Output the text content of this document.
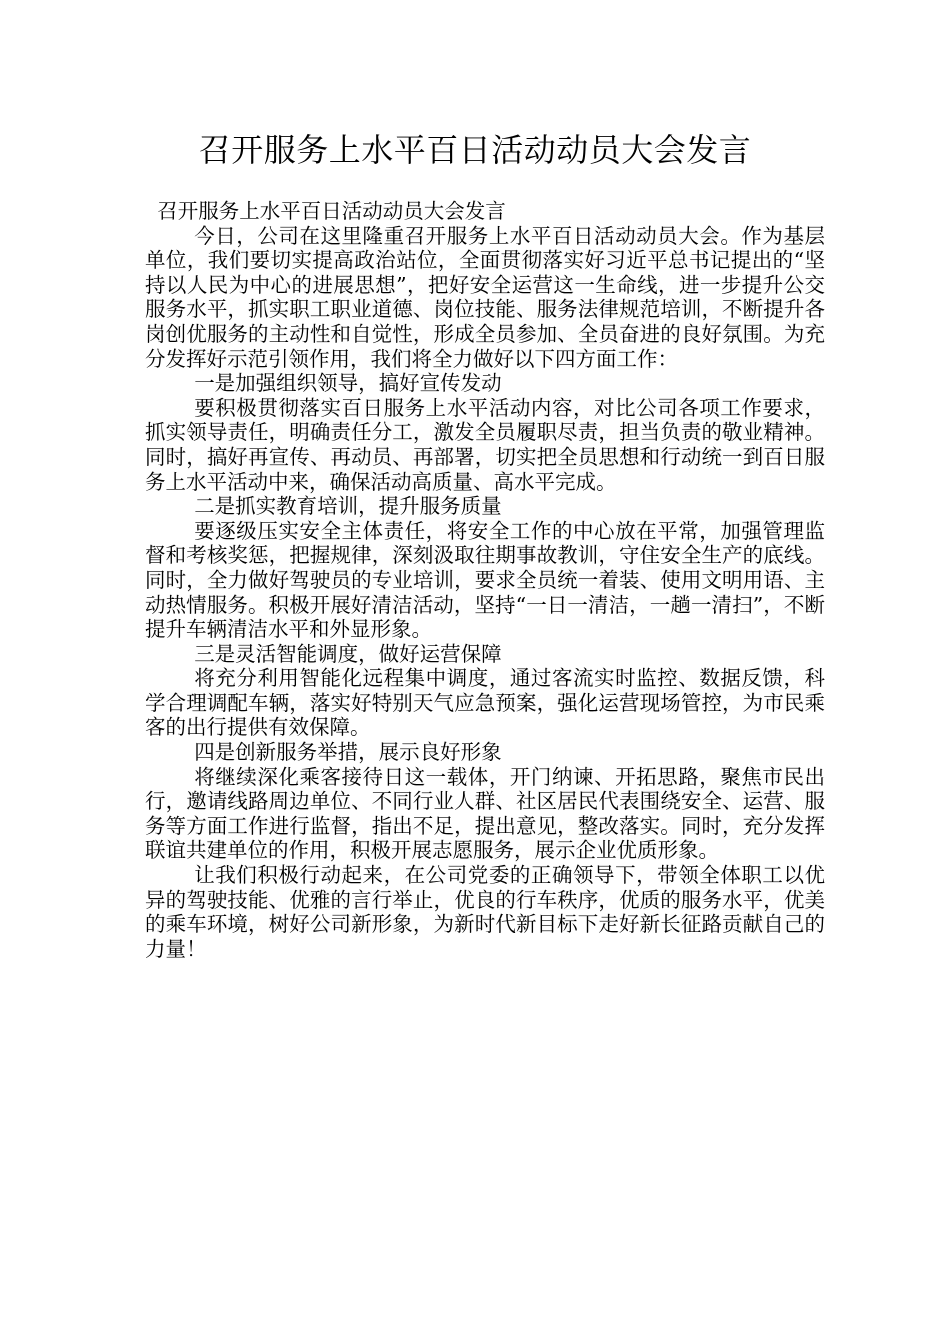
召开服务上水平百日活动动员大会发言

召开服务上水平百日活动动员大会发言

今日，公司在这里隆重召开服务上水平百日活动动员大会。作为基层单位，我们要切实提高政治站位，全面贯彻落实好习近平总书记提出的“坚持以人民为中心的进展思想”，把好安全运营这一生命线，进一步提升公交服务水平，抓实职工职业道德、岗位技能、服务法律规范培训，不断提升各岗创优服务的主动性和自觉性，形成全员参加、全员奋进的良好氛围。为充分发挥好示范引领作用，我们将全力做好以下四方面工作：

一是加强组织领导，搞好宣传发动

要积极贯彻落实百日服务上水平活动内容，对比公司各项工作要求，抓实领导责任，明确责任分工，激发全员履职尽责，担当负责的敬业精神。同时，搞好再宣传、再动员、再部署，切实把全员思想和行动统一到百日服务上水平活动中来，确保活动高质量、高水平完成。

二是抓实教育培训，提升服务质量

要逐级压实安全主体责任，将安全工作的中心放在平常，加强管理监督和考核奖惩，把握规律，深刻汲取往期事故教训，守住安全生产的底线。同时，全力做好驾驶员的专业培训，要求全员统一着装、使用文明用语、主动热情服务。积极开展好清洁活动，坚持“一日一清洁，一趟一清扫”，不断提升车辆清洁水平和外显形象。

三是灵活智能调度，做好运营保障

将充分利用智能化远程集中调度，通过客流实时监控、数据反馈，科学合理调配车辆，落实好特别天气应急预案，强化运营现场管控，为市民乘客的出行提供有效保障。

四是创新服务举措，展示良好形象

将继续深化乘客接待日这一载体，开门纳谏、开拓思路，聚焦市民出行，邀请线路周边单位、不同行业人群、社区居民代表围绕安全、运营、服务等方面工作进行监督，指出不足，提出意见，整改落实。同时，充分发挥联谊共建单位的作用，积极开展志愿服务，展示企业优质形象。

让我们积极行动起来，在公司党委的正确领导下，带领全体职工以优异的驾驶技能、优雅的言行举止，优良的行车秩序，优质的服务水平，优美的乘车环境，树好公司新形象，为新时代新目标下走好新长征路贡献自己的力量！
